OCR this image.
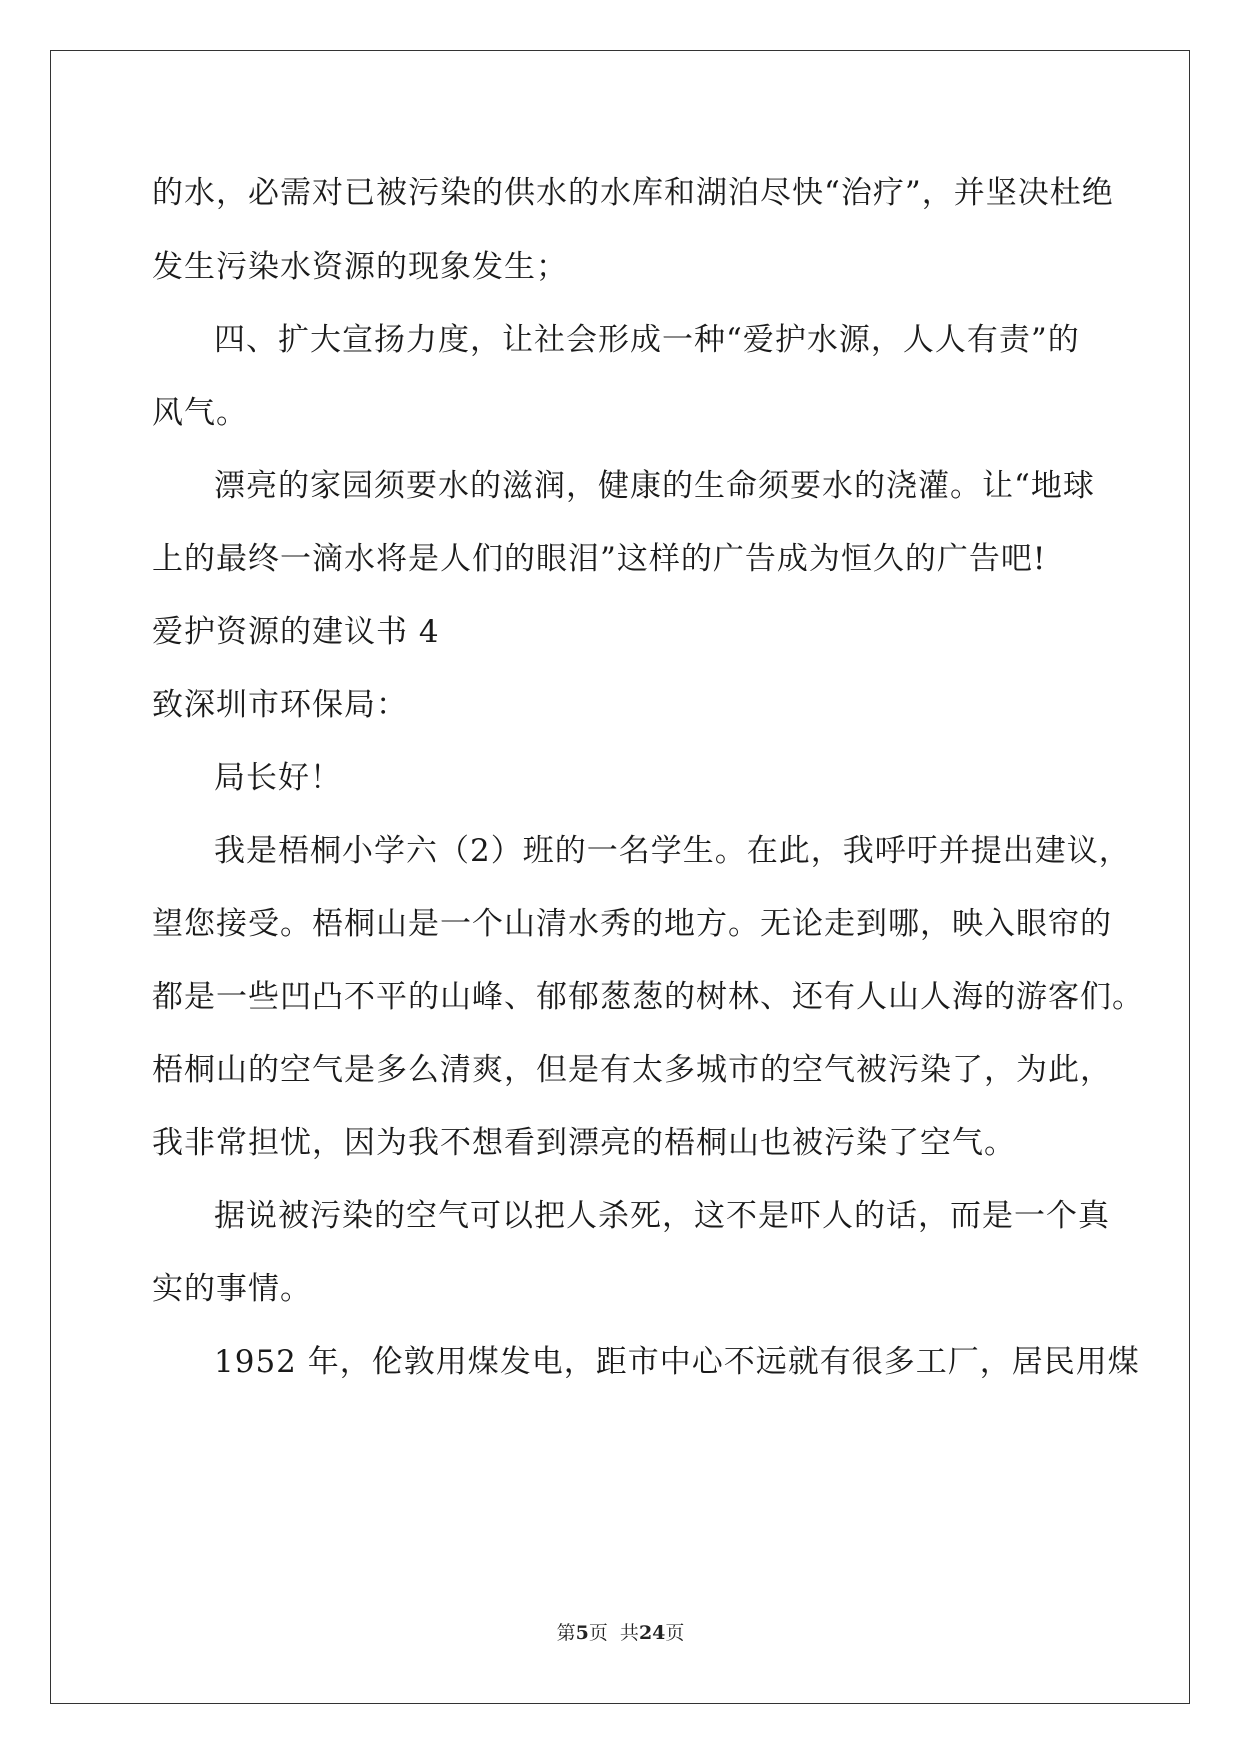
的水，必需对已被污染的供水的水库和湖泊尽快“治疗”，并坚决杜绝
发生污染水资源的现象发生；
四、扩大宣扬力度，让社会形成一种“爱护水源，人人有责”的
风气。
漂亮的家园须要水的滋润，健康的生命须要水的浇灌。让“地球
上的最终一滴水将是人们的眼泪”这样的广告成为恒久的广告吧!
爱护资源的建议书 4
致深圳市环保局：
局长好！
我是梧桐小学六（2）班的一名学生。在此，我呼吁并提出建议，
望您接受。梧桐山是一个山清水秀的地方。无论走到哪，映入眼帘的
都是一些凹凸不平的山峰、郁郁葱葱的树林、还有人山人海的游客们。
梧桐山的空气是多么清爽，但是有太多城市的空气被污染了，为此，
我非常担忧，因为我不想看到漂亮的梧桐山也被污染了空气。
据说被污染的空气可以把人杀死，这不是吓人的话，而是一个真
实的事情。
1952 年，伦敦用煤发电，距市中心不远就有很多工厂，居民用煤
第5页  共24页
